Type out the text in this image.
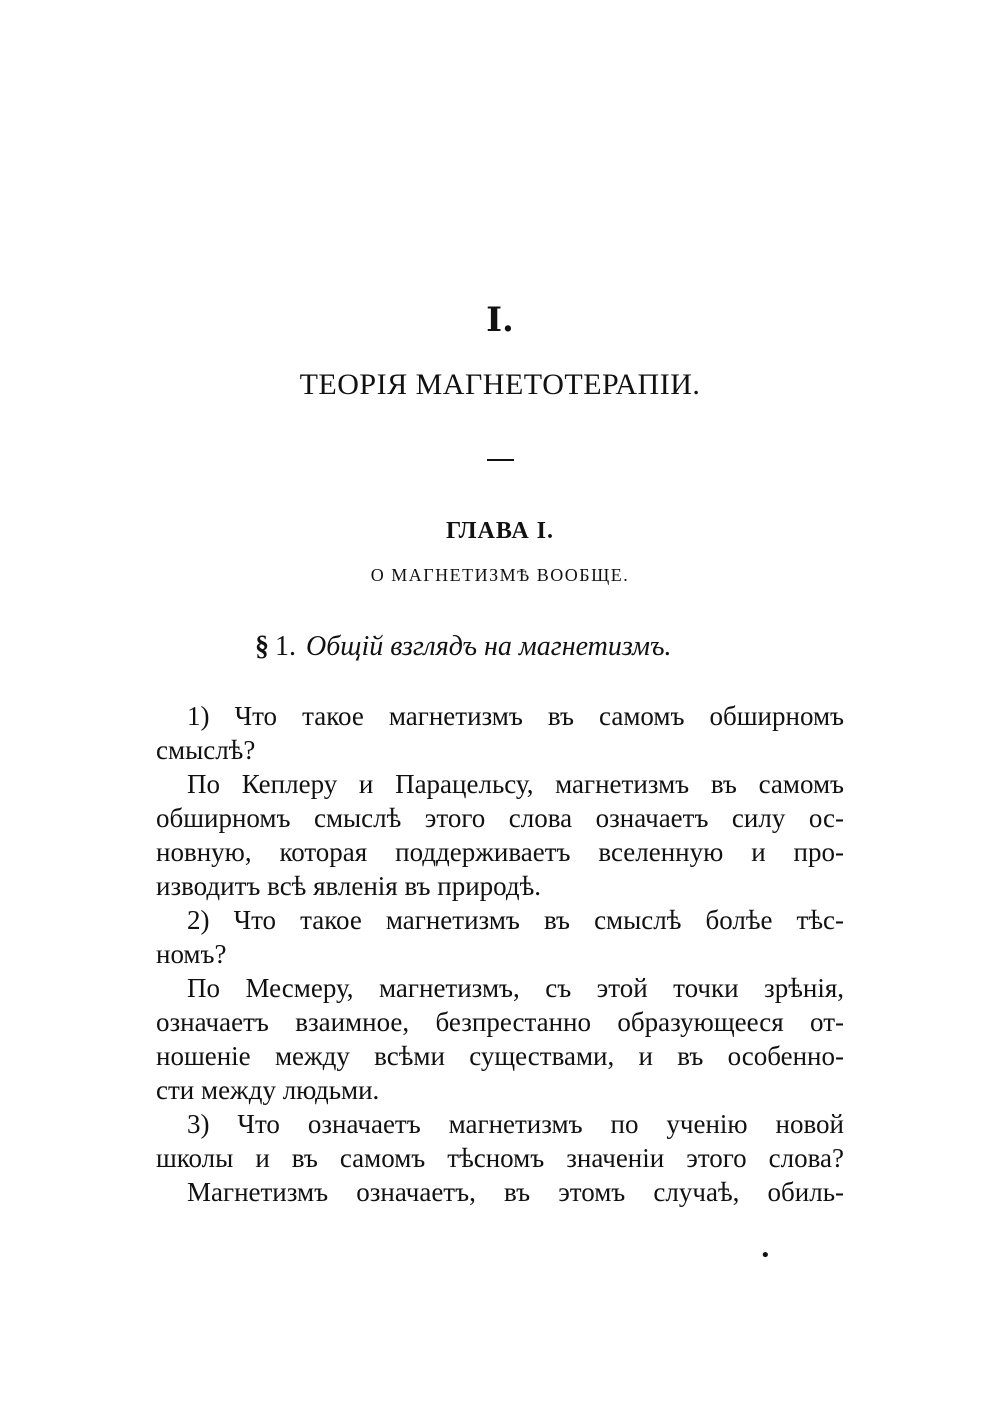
I.
ТЕОРІЯ МАГНЕТОТЕРАПІИ.
ГЛАВА I.
О МАГНЕТИЗМѢ ВООБЩЕ.
§ 1. Общій взглядъ на магнетизмъ.
1) Что такое магнетизмъ въ самомъ обширномъ
смыслѣ?
По Кеплеру и Парацельсу, магнетизмъ въ самомъ
обширномъ смыслѣ этого слова означаетъ силу ос-
новную, которая поддерживаетъ вселенную и про-
изводитъ всѣ явленія въ природѣ.
2) Что такое магнетизмъ въ смыслѣ болѣе тѣс-
номъ?
По Месмеру, магнетизмъ, съ этой точки зрѣнія,
означаетъ взаимное, безпрестанно образующееся от-
ношеніе между всѣми существами, и въ особенно-
сти между людьми.
3) Что означаетъ магнетизмъ по ученію новой
школы и въ самомъ тѣсномъ значеніи этого слова?
Магнетизмъ означаетъ, въ этомъ случаѣ, обиль-
•
